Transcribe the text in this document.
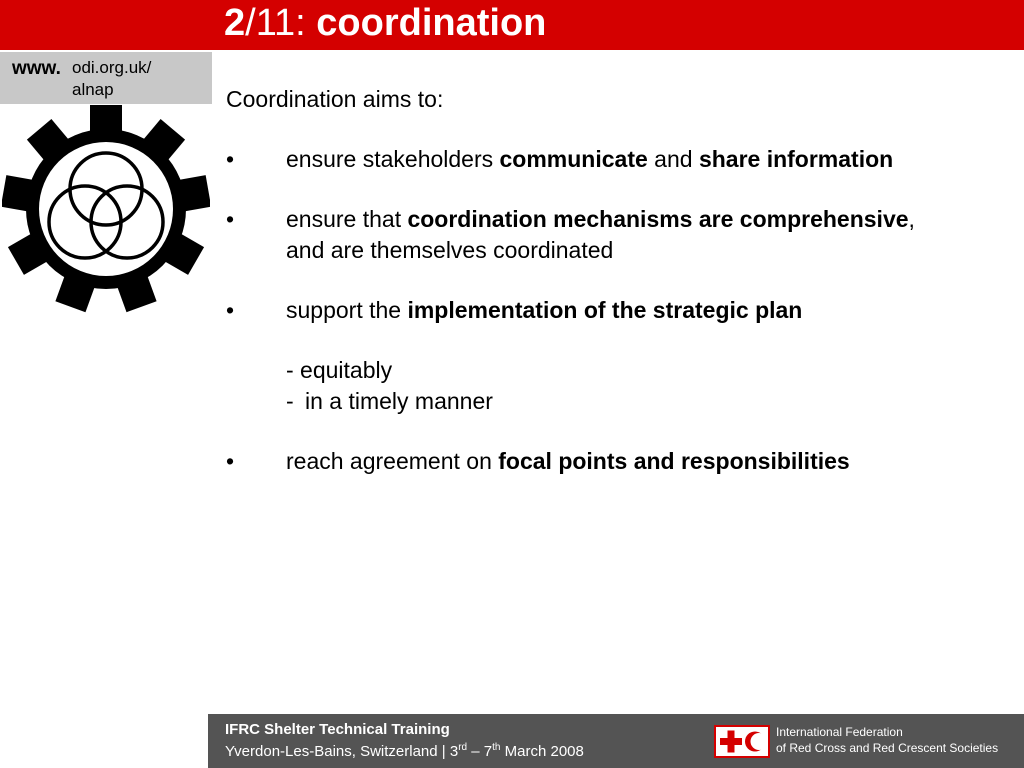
2/11: coordination
www. odi.org.uk/
alnap	Coordination aims to:
• ensure stakeholders communicate and share information
• ensure that coordination mechanisms are comprehensive,
and are themselves coordinated
• support the implementation of the strategic plan
- equitably
- in a timely manner
• reach agreement on focal points and responsibilities
IFRC Shelter Technical Training
Yverdon-Les-Bains, Switzerland | 3rd – 7th March 2008
International Federation
of Red Cross and Red Crescent Societies
